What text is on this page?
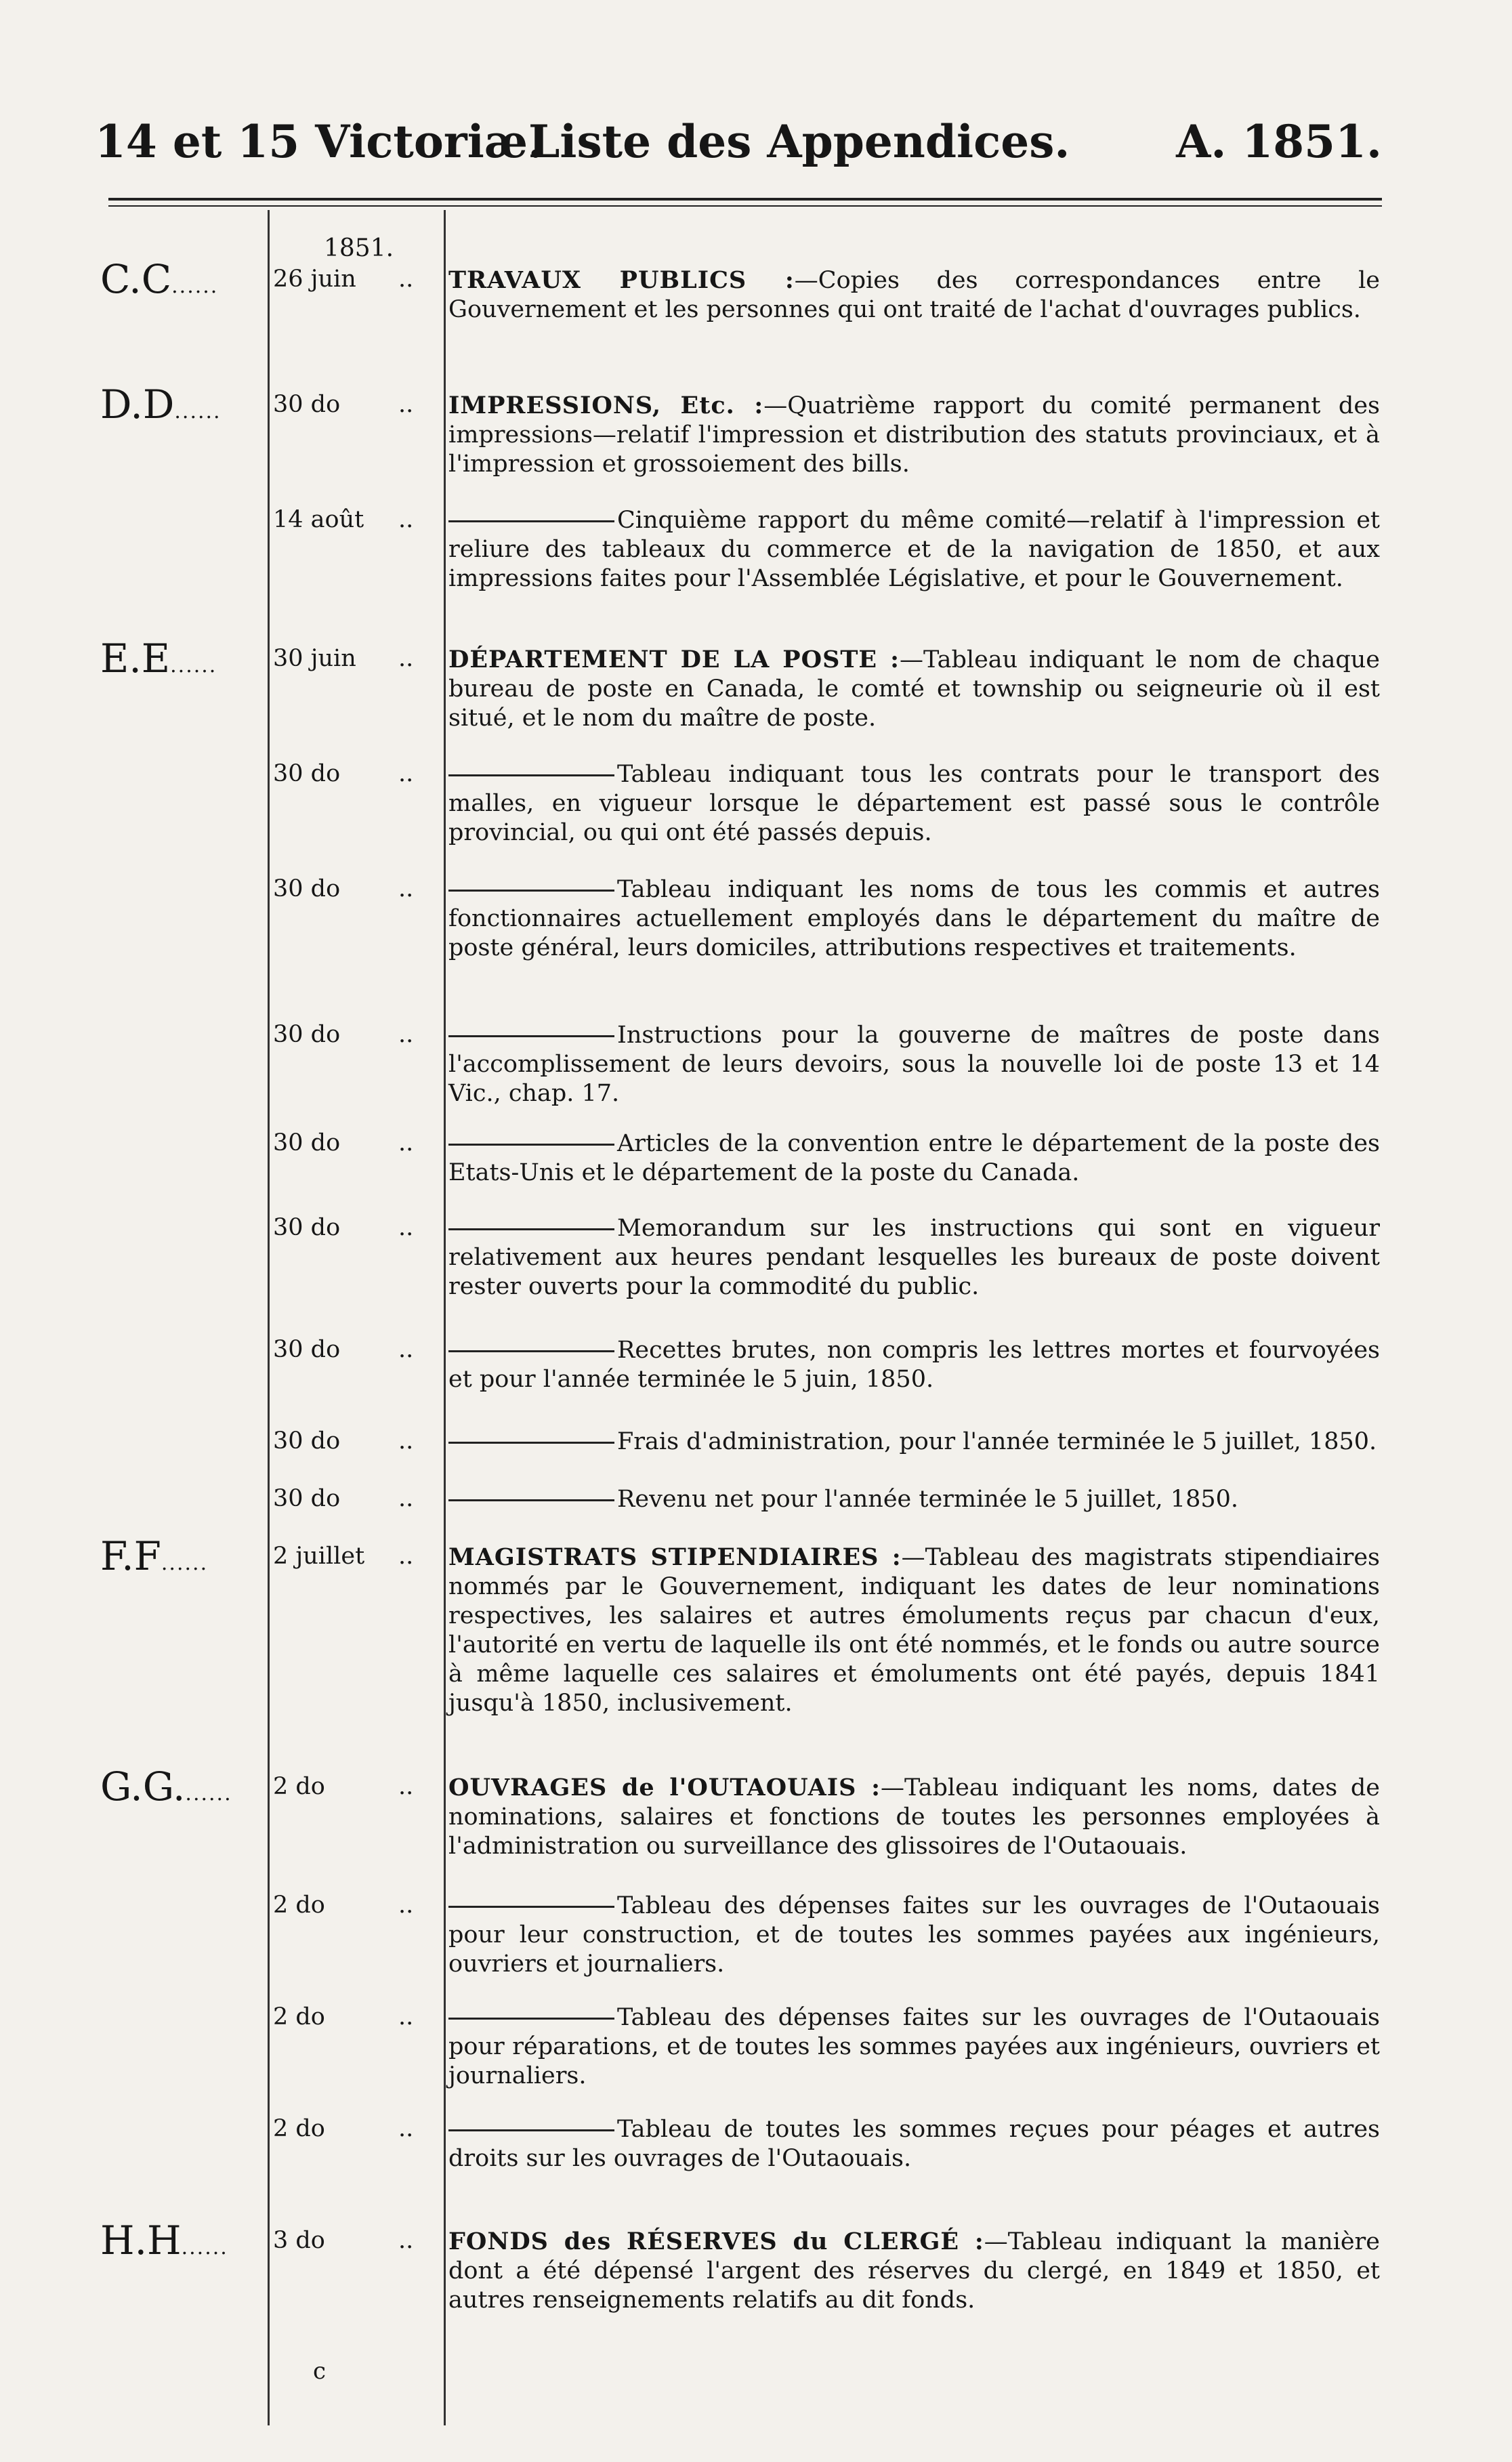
14 et 15 Victoriæ.
Liste des Appendices. A. 1851.
1851.
C.C...... 26 juin .. TRAVAUX PUBLICS :—Copies des correspondances entre le Gouvernement et les personnes qui ont traité de l'achat d'ouvrages publics.
D.D...... 30 do .. IMPRESSIONS, Etc. :—Quatrième rapport du comité permanent des impressions—relatif l'impression et distribution des statuts provinciaux, et à l'impression et grossoiement des bills.
14 août ..	Cinquième rapport du même comité—relatif à l'impression et reliure des tableaux du commerce et de la navigation de 1850, et aux impressions faites pour l'Assemblée Législative, et pour le Gouvernement.
E.E...... 30 juin .. DÉPARTEMENT DE LA POSTE :—Tableau indiquant le nom de chaque bureau de poste en Canada, le comté et township ou seigneurie où il est situé, et le nom du maître de poste.
30 do ..	Tableau indiquant tous les contrats pour le transport des malles, en vigueur lorsque le département est passé sous le contrôle provincial, ou qui ont été passés depuis.
30 do ..	Tableau indiquant les noms de tous les commis et autres fonctionnaires actuellement employés dans le département du maître de poste général, leurs domiciles, attributions respectives et traitements.
30 do ..	Instructions pour la gouverne de maîtres de poste dans l'accomplissement de leurs devoirs, sous la nouvelle loi de poste 13 et 14 Vic., chap. 17.
30 do ..	Articles de la convention entre le département de la poste des Etats-Unis et le département de la poste du Canada.
30 do ..	Memorandum sur les instructions qui sont en vigueur relativement aux heures pendant lesquelles les bureaux de poste doivent rester ouverts pour la commodité du public.
30 do ..	Recettes brutes, non compris les lettres mortes et fourvoyées et pour l'année terminée le 5 juin, 1850.
30 do ..	Frais d'administration, pour l'année terminée le 5 juillet, 1850.
30 do ..	Revenu net pour l'année terminée le 5 juillet, 1850.
F.F......	2 juillet .. MAGISTRATS STIPENDIAIRES :—Tableau des magistrats stipendiaires nommés par le Gouvernement, indiquant les dates de leur nominations respectives, les salaires et autres émoluments reçus par chacun d'eux, l'autorité en vertu de laquelle ils ont été nommés, et le fonds ou autre source à même laquelle ces salaires et émoluments ont été payés, depuis 1841 jusqu'à 1850, inclusivement.
G.G....... 2 do	.. OUVRAGES de l'OUTAOUAIS :—Tableau indiquant les noms, dates de nominations, salaires et fonctions de toutes les personnes employées à l'administration ou surveillance des glissoires de l'Outaouais.
2 do	..	Tableau des dépenses faites sur les ouvrages de l'Outaouais pour leur construction, et de toutes les sommes payées aux ingénieurs, ouvriers et journaliers.
2 do	..	Tableau des dépenses faites sur les ouvrages de l'Outaouais pour réparations, et de toutes les sommes payées aux ingénieurs, ouvriers et journaliers.
2 do	..	Tableau de toutes les sommes reçues pour péages et autres droits sur les ouvrages de l'Outaouais.
H.H...... 3 do	.. FONDS des RÉSERVES du CLERGÉ :—Tableau indiquant la manière dont a été dépensé l'argent des réserves du clergé, en 1849 et 1850, et autres renseignements relatifs au dit fonds.
c
